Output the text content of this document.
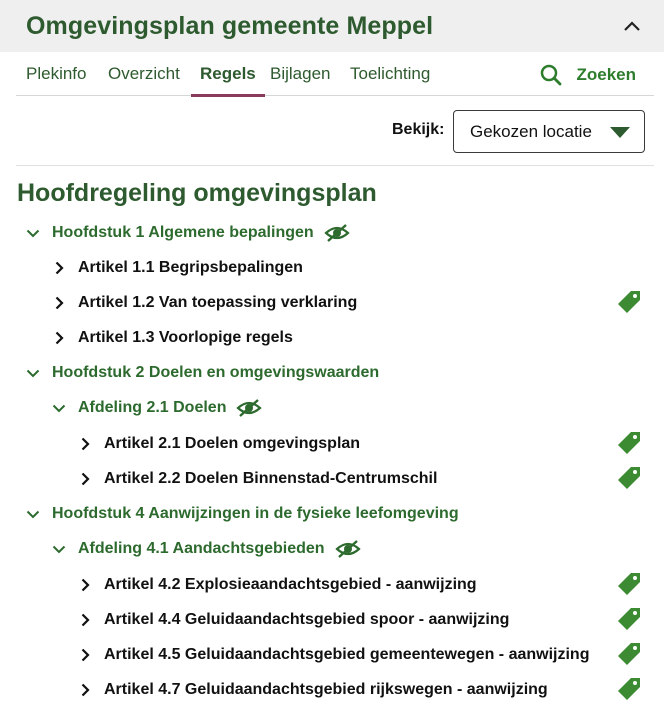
Omgevingsplan gemeente Meppel
Plekinfo Overzicht Regels Bijlagen Toelichting	Zoeken
Bekijk: Gekozen locatie
Hoofdregeling omgevingsplan
Hoofdstuk 1 Algemene bepalingen
Artikel 1.1 Begripsbepalingen
Artikel 1.2 Van toepassing verklaring
Artikel 1.3 Voorlopige regels
Hoofdstuk 2 Doelen en omgevingswaarden
Afdeling 2.1 Doelen
Artikel 2.1 Doelen omgevingsplan
Artikel 2.2 Doelen Binnenstad-Centrumschil
Hoofdstuk 4 Aanwijzingen in de fysieke leefomgeving
Afdeling 4.1 Aandachtsgebieden
Artikel 4.2 Explosieaandachtsgebied - aanwijzing
Artikel 4.4 Geluidaandachtsgebied spoor - aanwijzing
Artikel 4.5 Geluidaandachtsgebied gemeentewegen - aanwijzing
Artikel 4.7 Geluidaandachtsgebied rijkswegen - aanwijzing
